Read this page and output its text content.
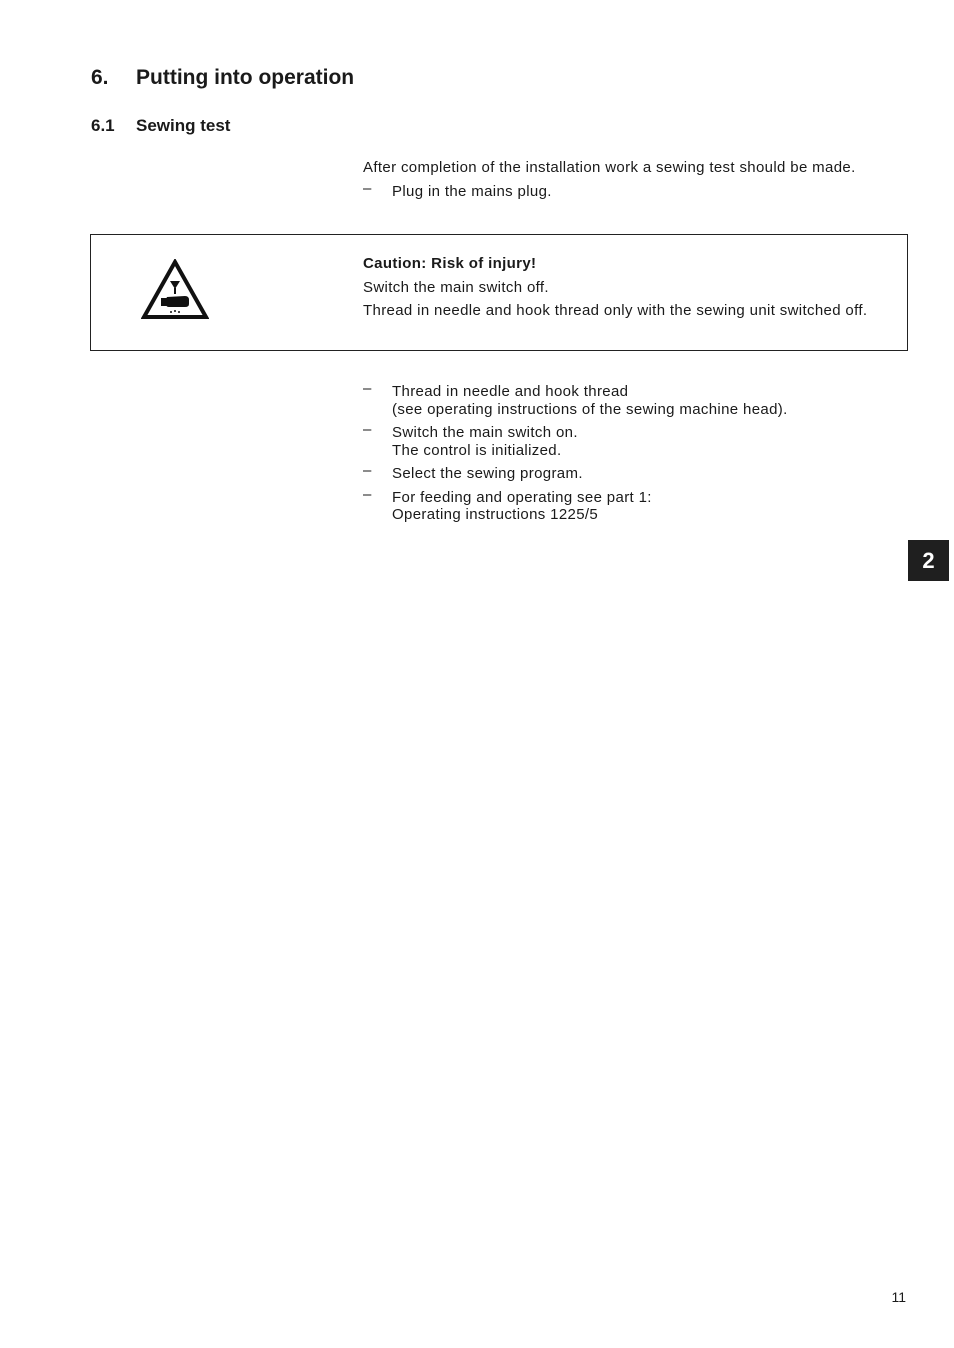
6. Putting into operation
6.1 Sewing test
After completion of the installation work a sewing test should be made.
– Plug in the mains plug.
Caution: Risk of injury!
Switch the main switch off.
Thread in needle and hook thread only with the sewing unit switched off.
– Thread in needle and hook thread
(see operating instructions of the sewing machine head).
– Switch the main switch on.
The control is initialized.
– Select the sewing program.
– For feeding and operating see part 1:
Operating instructions 1225/5
2
11
